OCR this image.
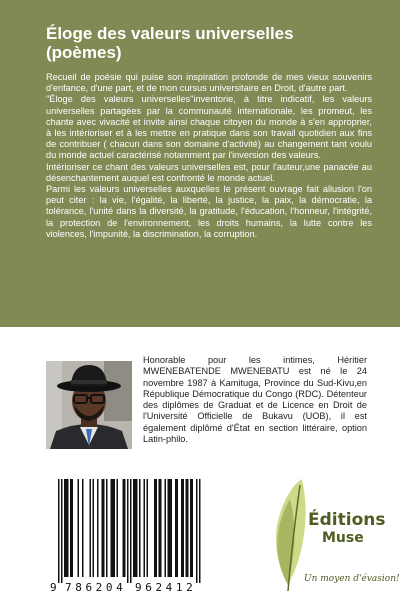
Éloge des valeurs universelles
(poèmes)

Recueil de poésie qui puise son inspiration profonde de mes vieux souvenirs d'enfance, d'une part, et de mon cursus universitaire en Droit, d'autre part.

"Éloge des valeurs universelles"inventorie, à titre indicatif, les valeurs universelles partagées par la communauté internationale, les promeut, les chante avec vivacité et invite ainsi chaque citoyen du monde à s'en approprier, à les intérioriser et à les mettre en pratique dans son travail quotidien aux fins de contribuer ( chacun dans son domaine d'activité) au changement tant voulu du monde actuel caractérisé notamment par l'inversion des valeurs.

Intérioriser ce chant des valeurs universelles est, pour l'auteur,une panacée au désenchantement auquel est confronté le monde actuel.

Parmi les valeurs universelles auxquelles le présent ouvrage fait allusion l'on peut citer : la vie, l'égalité, la liberté, la justice, la paix, la démocratie, la tolérance, l'unité dans la diversité, la gratitude, l'éducation, l'honneur, l'intégrité, la protection de l'environnement, les droits humains, la lutte contre les violences, l'impunité, la discrimination, la corruption.

Honorable pour les intimes, Héritier MWENEBATENDE MWENEBATU est né le 24 novembre 1987 à Kamituga, Province du Sud-Kivu,en République Démocratique du Congo (RDC). Détenteur des diplômes de Graduat et de Licence en Droit de l'Université Officielle de Bukavu (UOB), il est également diplômé d'État en section littéraire, option Latin-philo.

9 786204 962412
Éditions
Muse
Un moyen d'évasion!
